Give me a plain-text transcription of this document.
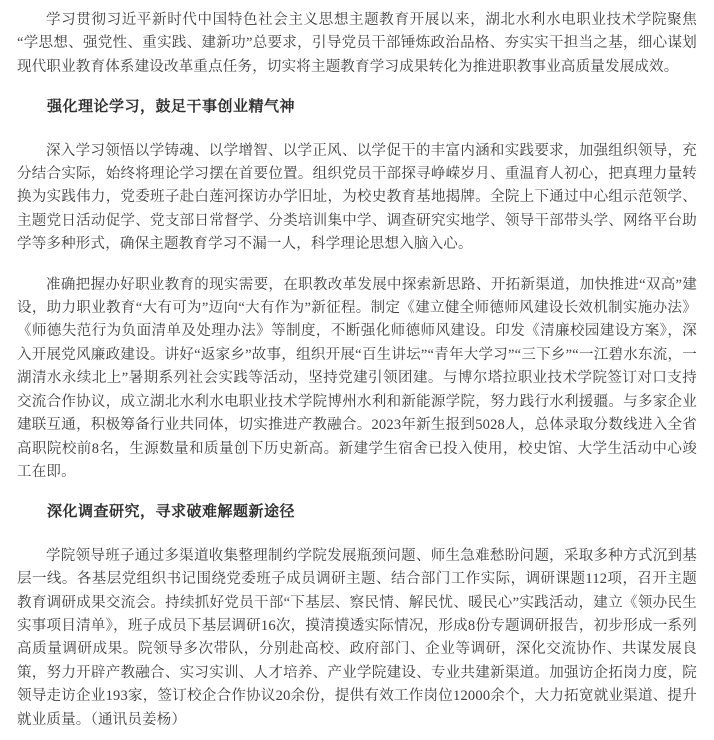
学习贯彻习近平新时代中国特色社会主义思想主题教育开展以来，湖北水利水电职业技术学院聚焦“学思想、强党性、重实践、建新功”总要求，引导党员干部锤炼政治品格、夯实实干担当之基，细心谋划现代职业教育体系建设改革重点任务，切实将主题教育学习成果转化为推进职教事业高质量发展成效。

强化理论学习，鼓足干事创业精气神

深入学习领悟以学铸魂、以学增智、以学正风、以学促干的丰富内涵和实践要求，加强组织领导，充分结合实际，始终将理论学习摆在首要位置。组织党员干部探寻峥嵘岁月、重温育人初心，把真理力量转换为实践伟力，党委班子赴白莲河探访办学旧址，为校史教育基地揭牌。全院上下通过中心组示范领学、主题党日活动促学、党支部日常督学、分类培训集中学、调查研究实地学、领导干部带头学、网络平台助学等多种形式，确保主题教育学习不漏一人，科学理论思想入脑入心。

准确把握办好职业教育的现实需要，在职教改革发展中探索新思路、开拓新渠道，加快推进“双高”建设，助力职业教育“大有可为”迈向“大有作为”新征程。制定《建立健全师德师风建设长效机制实施办法》《师德失范行为负面清单及处理办法》等制度，不断强化师德师风建设。印发《清廉校园建设方案》，深入开展党风廉政建设。讲好“返家乡”故事，组织开展“百生讲坛”“青年大学习”“三下乡”“一江碧水东流，一湖清水永续北上”暑期系列社会实践等活动，坚持党建引领团建。与博尔塔拉职业技术学院签订对口支持交流合作协议，成立湖北水利水电职业技术学院博州水利和新能源学院，努力践行水利援疆。与多家企业建联互通，积极筹备行业共同体，切实推进产教融合。2023年新生报到5028人，总体录取分数线进入全省高职院校前8名，生源数量和质量创下历史新高。新建学生宿舍已投入使用，校史馆、大学生活动中心竣工在即。

深化调查研究，寻求破难解题新途径

学院领导班子通过多渠道收集整理制约学院发展瓶颈问题、师生急难愁盼问题，采取多种方式沉到基层一线。各基层党组织书记围绕党委班子成员调研主题、结合部门工作实际，调研课题112项，召开主题教育调研成果交流会。持续抓好党员干部“下基层、察民情、解民忧、暖民心”实践活动，建立《领办民生实事项目清单》，班子成员下基层调研16次，摸清摸透实际情况，形成8份专题调研报告，初步形成一系列高质量调研成果。院领导多次带队，分别赴高校、政府部门、企业等调研，深化交流协作、共谋发展良策，努力开辟产教融合、实习实训、人才培养、产业学院建设、专业共建新渠道。加强访企拓岗力度，院领导走访企业193家，签订校企合作协议20余份，提供有效工作岗位12000余个，大力拓宽就业渠道、提升就业质量。（通讯员姜杨）
